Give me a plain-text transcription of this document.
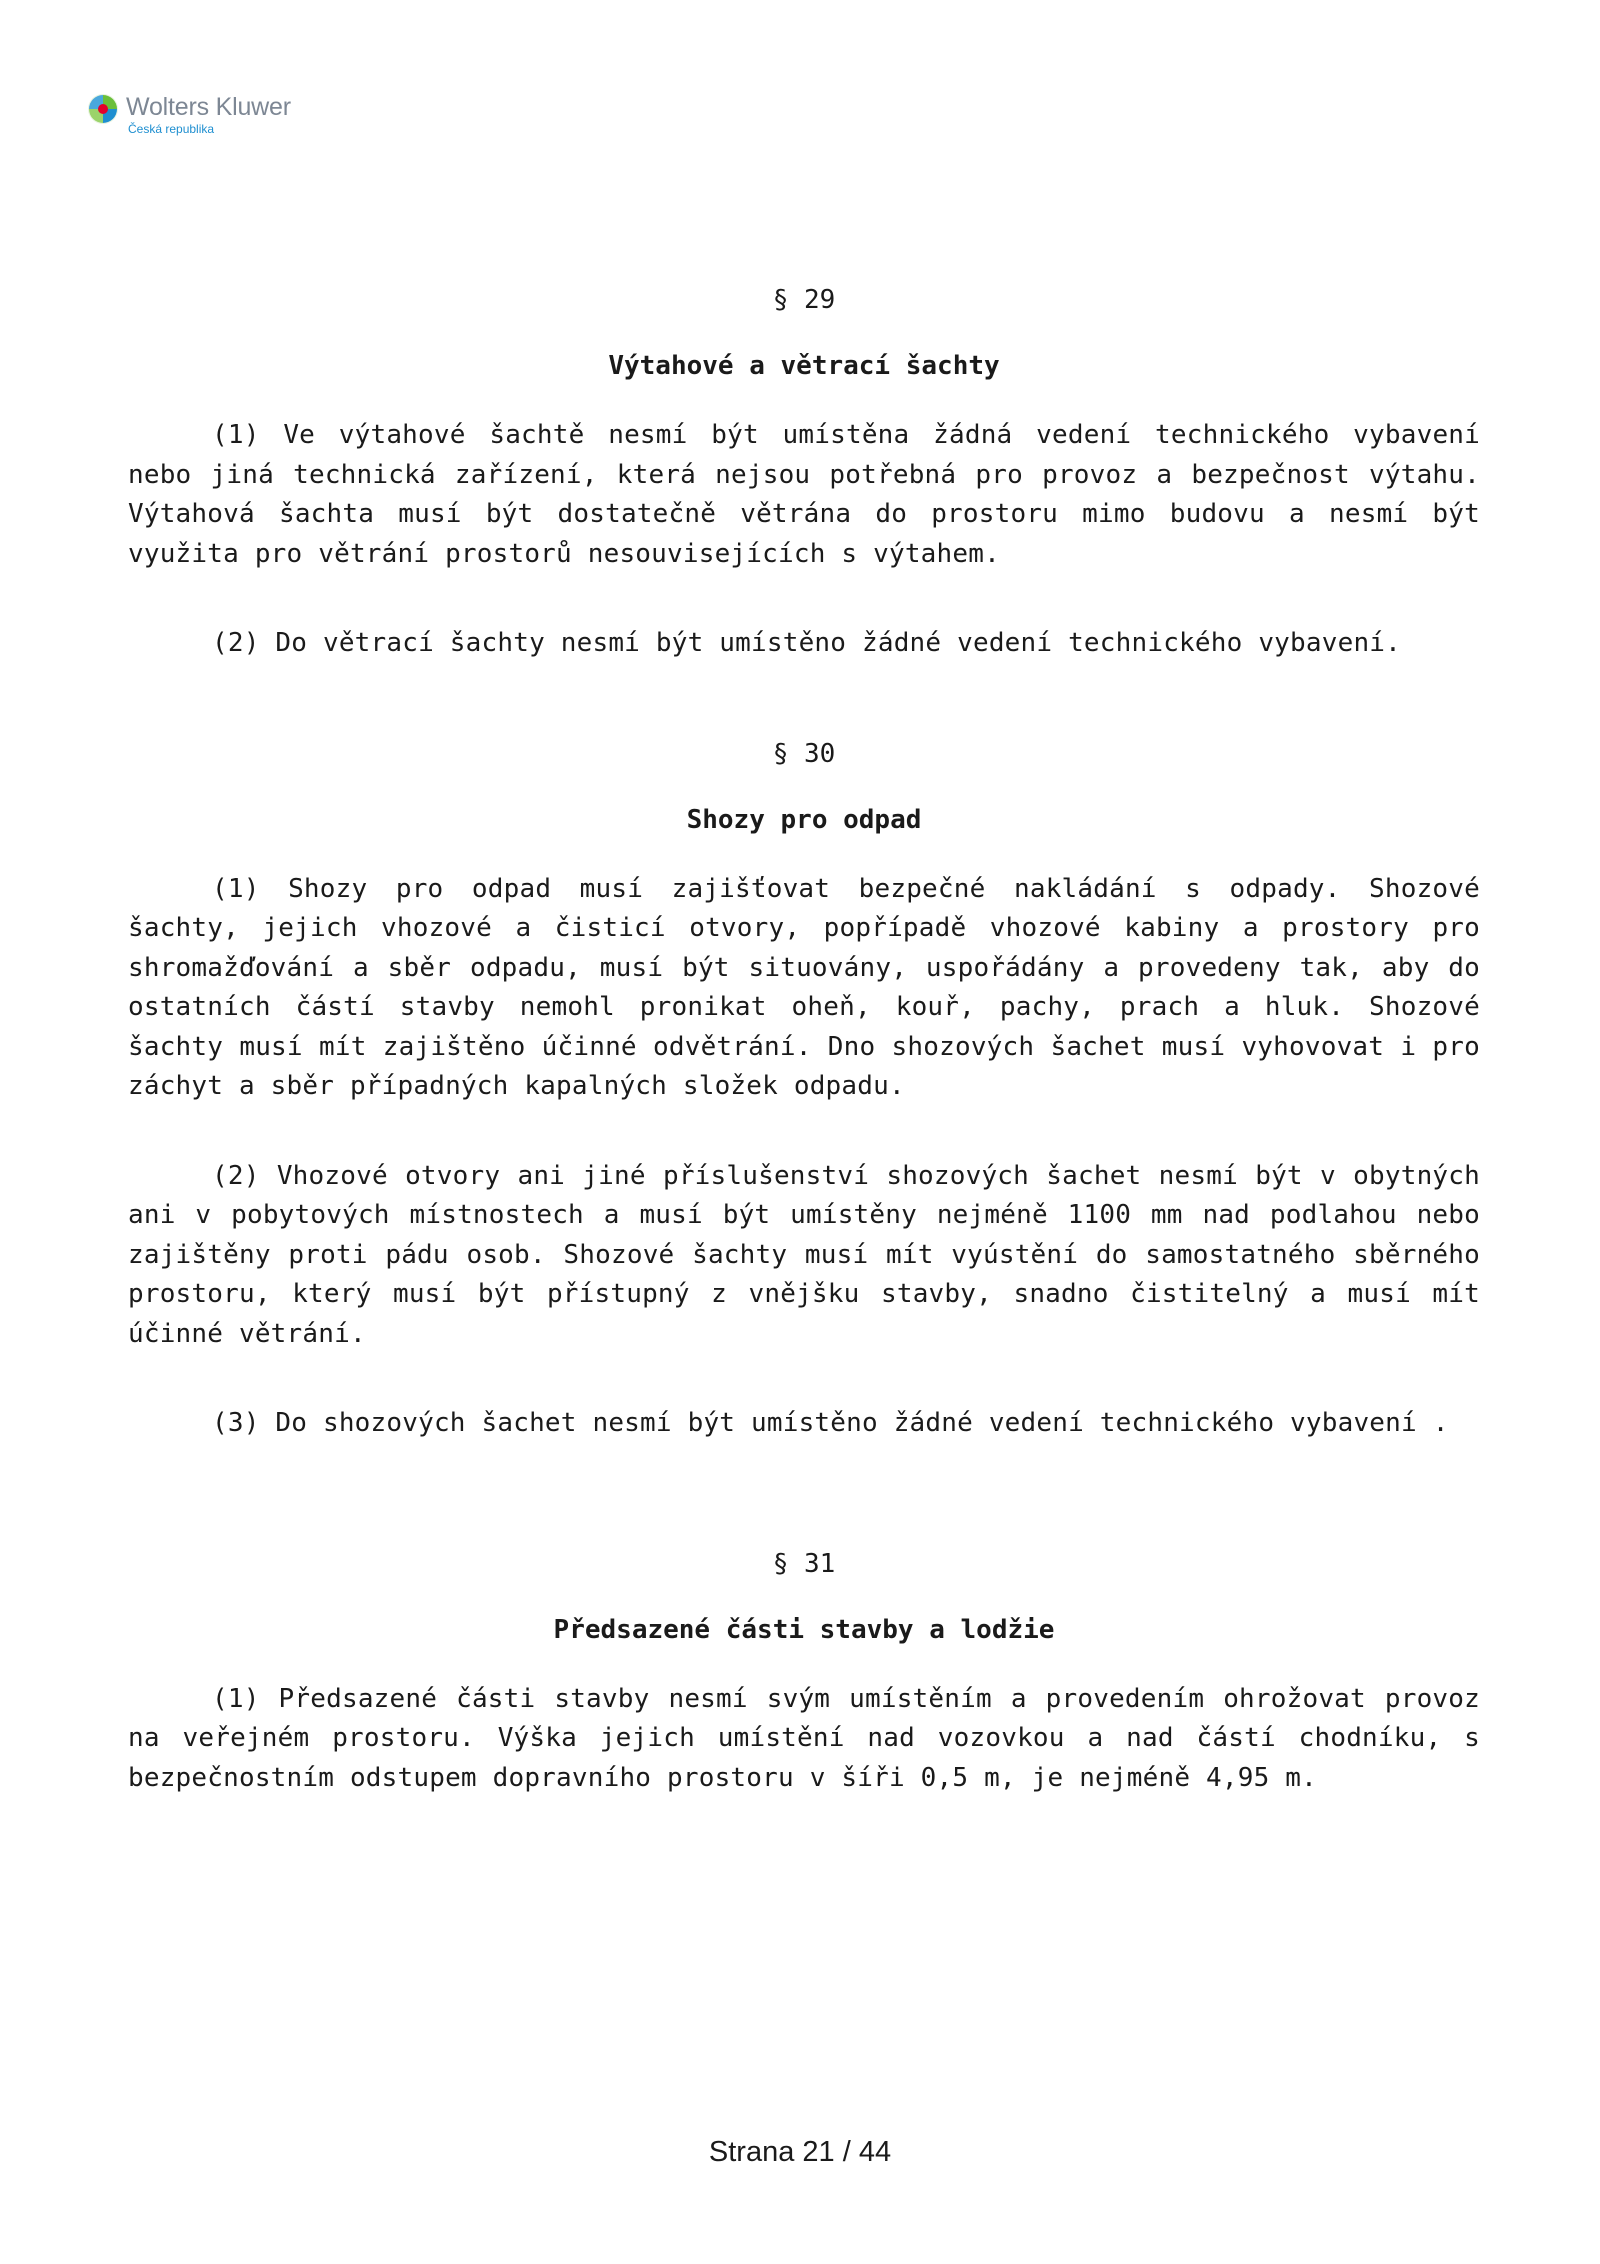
Wolters Kluwer
Česká republika

§ 29

Výtahové a větrací šachty

(1) Ve výtahové šachtě nesmí být umístěna žádná vedení technického vybavení nebo jiná technická zařízení, která nejsou potřebná pro provoz a bezpečnost výtahu. Výtahová šachta musí být dostatečně větrána do prostoru mimo budovu a nesmí být využita pro větrání prostorů nesouvisejících s výtahem.

(2) Do větrací šachty nesmí být umístěno žádné vedení technického vybavení.

§ 30

Shozy pro odpad

(1) Shozy pro odpad musí zajišťovat bezpečné nakládání s odpady. Shozové šachty, jejich vhozové a čisticí otvory, popřípadě vhozové kabiny a prostory pro shromažďování a sběr odpadu, musí být situovány, uspořádány a provedeny tak, aby do ostatních částí stavby nemohl pronikat oheň, kouř, pachy, prach a hluk. Shozové šachty musí mít zajištěno účinné odvětrání. Dno shozových šachet musí vyhovovat i pro záchyt a sběr případných kapalných složek odpadu.

(2) Vhozové otvory ani jiné příslušenství shozových šachet nesmí být v obytných ani v pobytových místnostech a musí být umístěny nejméně 1100 mm nad podlahou nebo zajištěny proti pádu osob. Shozové šachty musí mít vyústění do samostatného sběrného prostoru, který musí být přístupný z vnějšku stavby, snadno čistitelný a musí mít účinné větrání.

(3) Do shozových šachet nesmí být umístěno žádné vedení technického vybavení .

§ 31

Předsazené části stavby a lodžie

(1) Předsazené části stavby nesmí svým umístěním a provedením ohrožovat provoz na veřejném prostoru. Výška jejich umístění nad vozovkou a nad částí chodníku, s bezpečnostním odstupem dopravního prostoru v šíři 0,5 m, je nejméně 4,95 m.

Strana 21 / 44
